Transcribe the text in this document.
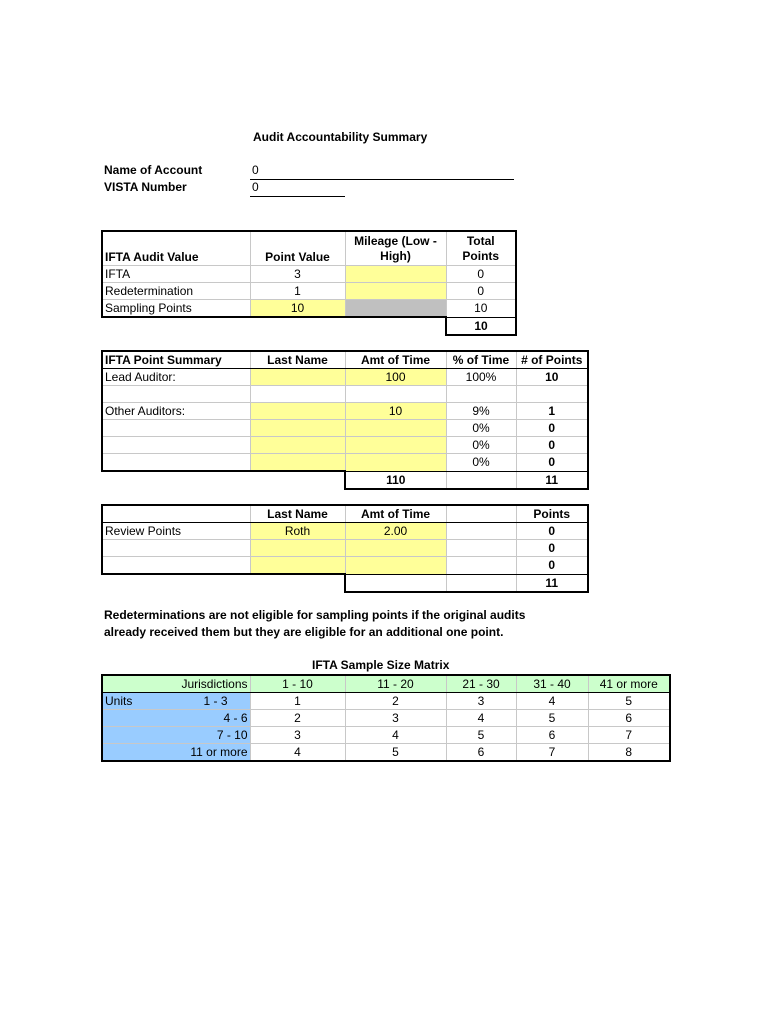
Audit Accountability Summary
Name of Account	0
VISTA Number	0
IFTA Audit Value	Point Value	Mileage (Low - High)	Total Points
IFTA	3		0
Redetermination	1		0
Sampling Points	10		10
			10
IFTA Point Summary	Last Name	Amt of Time	% of Time	# of Points
Lead Auditor:		100	100%	10

Other Auditors:		10	9%	1
			0%	0
			0%	0
			0%	0
		110		11
	Last Name	Amt of Time		Points
Review Points	Roth	2.00		0
				0
				0
				11
Redeterminations are not eligible for sampling points if the original audits
already received them but they are eligible for an additional one point.
IFTA Sample Size Matrix
Jurisdictions	1 - 10	11 - 20	21 - 30	31 - 40	41 or more

Units 1 - 3	1	2	3	4	5
4 - 6	2	3	4	5	6
7 - 10	3	4	5	6	7
11 or more	4	5	6	7	8
